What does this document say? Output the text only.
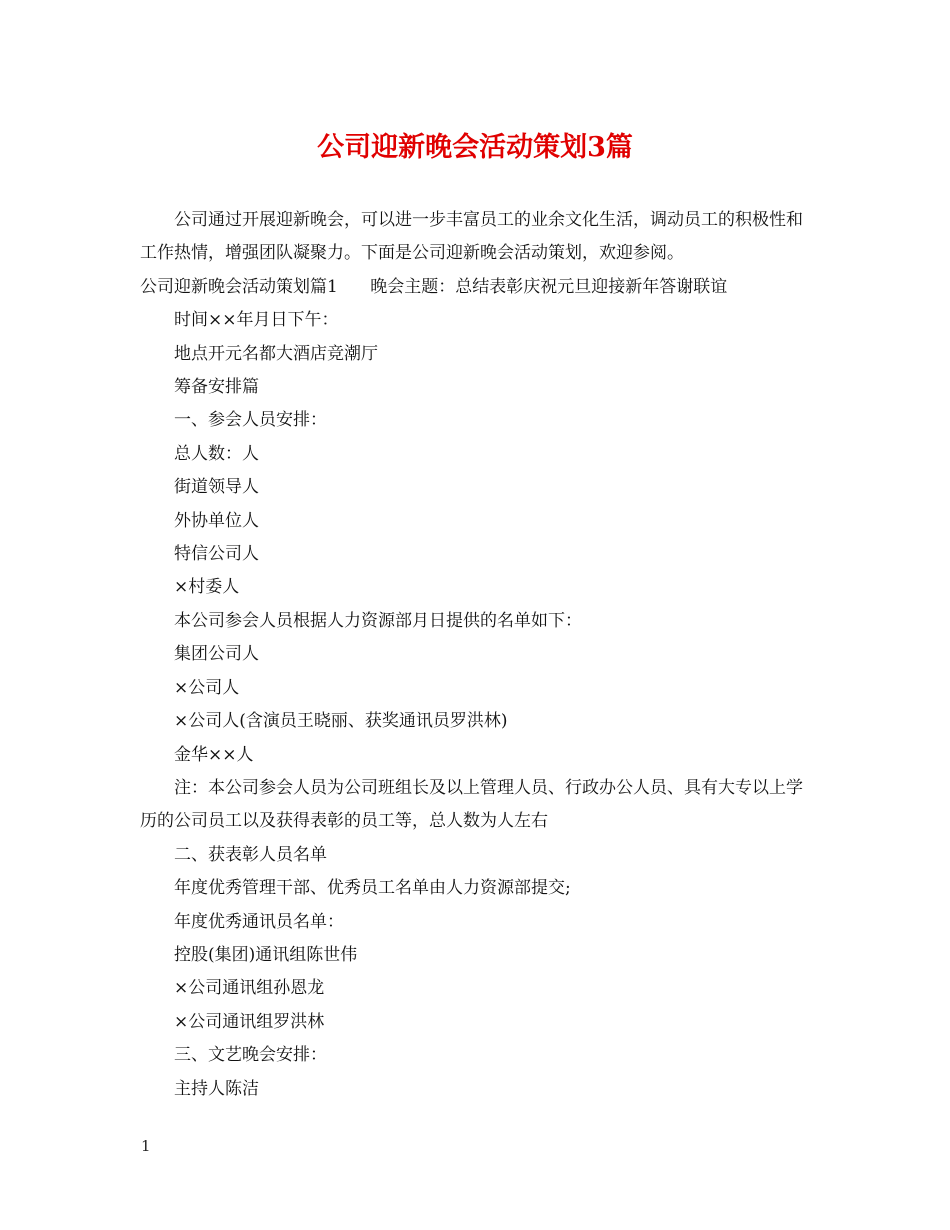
公司迎新晚会活动策划3篇

公司通过开展迎新晚会，可以进一步丰富员工的业余文化生活，调动员工的积极性和工作热情，增强团队凝聚力。下面是公司迎新晚会活动策划，欢迎参阅。

公司迎新晚会活动策划篇1 晚会主题：总结表彰庆祝元旦迎接新年答谢联谊

时间××年月日下午：

地点开元名都大酒店竞潮厅

筹备安排篇

一、参会人员安排：

总人数：人

街道领导人

外协单位人

特信公司人

×村委人

本公司参会人员根据人力资源部月日提供的名单如下：

集团公司人

×公司人

×公司人(含演员王晓丽、获奖通讯员罗洪林)

金华××人

注：本公司参会人员为公司班组长及以上管理人员、行政办公人员、具有大专以上学历的公司员工以及获得表彰的员工等，总人数为人左右

二、获表彰人员名单

年度优秀管理干部、优秀员工名单由人力资源部提交;

年度优秀通讯员名单：

控股(集团)通讯组陈世伟

×公司通讯组孙恩龙

×公司通讯组罗洪林

三、文艺晚会安排：

主持人陈洁

1
